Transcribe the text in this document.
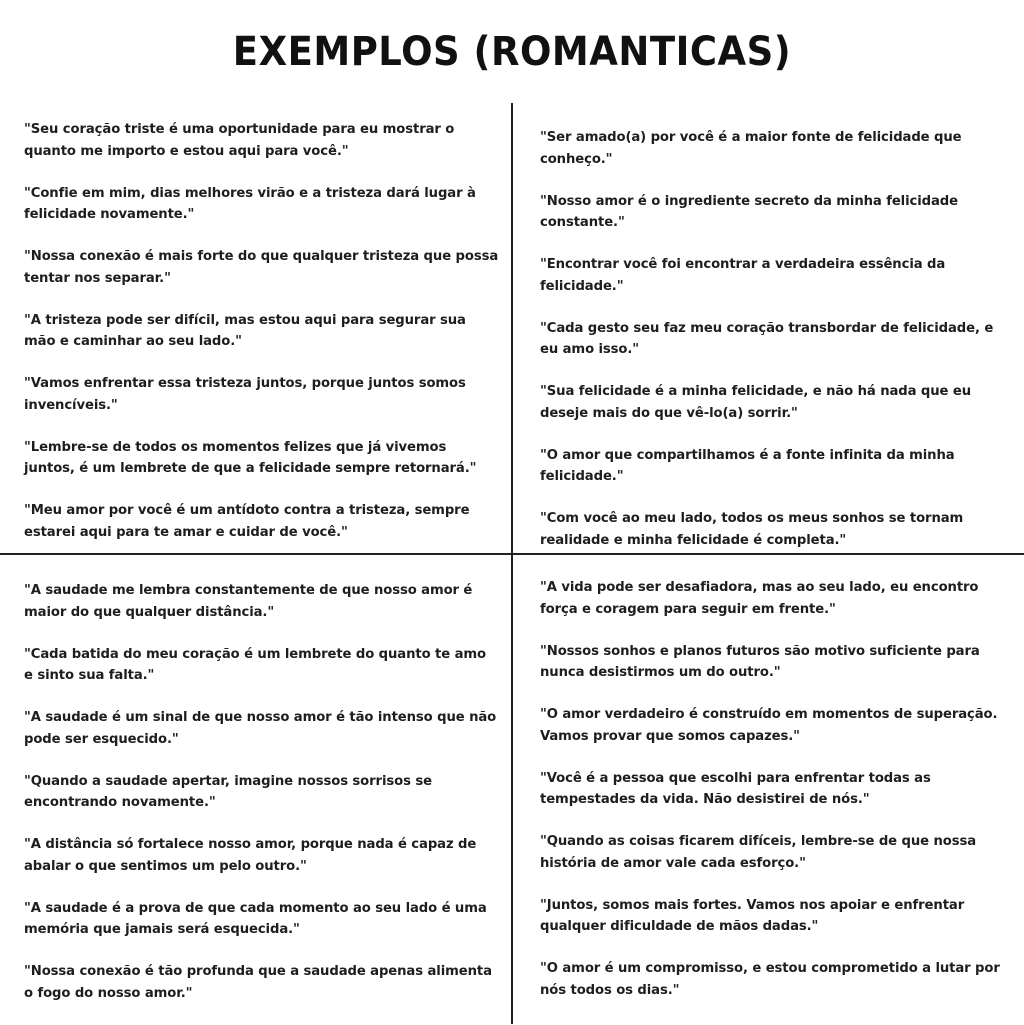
EXEMPLOS (ROMANTICAS)
"Seu coração triste é uma oportunidade para eu mostrar o quanto me importo e estou aqui para você."
"Confie em mim, dias melhores virão e a tristeza dará lugar à felicidade novamente."
"Nossa conexão é mais forte do que qualquer tristeza que possa tentar nos separar."
"A tristeza pode ser difícil, mas estou aqui para segurar sua mão e caminhar ao seu lado."
"Vamos enfrentar essa tristeza juntos, porque juntos somos invencíveis."
"Lembre-se de todos os momentos felizes que já vivemos juntos, é um lembrete de que a felicidade sempre retornará."
"Meu amor por você é um antídoto contra a tristeza, sempre estarei aqui para te amar e cuidar de você."
"Ser amado(a) por você é a maior fonte de felicidade que conheço."
"Nosso amor é o ingrediente secreto da minha felicidade constante."
"Encontrar você foi encontrar a verdadeira essência da felicidade."
"Cada gesto seu faz meu coração transbordar de felicidade, e eu amo isso."
"Sua felicidade é a minha felicidade, e não há nada que eu deseje mais do que vê-lo(a) sorrir."
"O amor que compartilhamos é a fonte infinita da minha felicidade."
"Com você ao meu lado, todos os meus sonhos se tornam realidade e minha felicidade é completa."
"A saudade me lembra constantemente de que nosso amor é maior do que qualquer distância."
"Cada batida do meu coração é um lembrete do quanto te amo e sinto sua falta."
"A saudade é um sinal de que nosso amor é tão intenso que não pode ser esquecido."
"Quando a saudade apertar, imagine nossos sorrisos se encontrando novamente."
"A distância só fortalece nosso amor, porque nada é capaz de abalar o que sentimos um pelo outro."
"A saudade é a prova de que cada momento ao seu lado é uma memória que jamais será esquecida."
"Nossa conexão é tão profunda que a saudade apenas alimenta o fogo do nosso amor."
"A vida pode ser desafiadora, mas ao seu lado, eu encontro força e coragem para seguir em frente."
"Nossos sonhos e planos futuros são motivo suficiente para nunca desistirmos um do outro."
"O amor verdadeiro é construído em momentos de superação. Vamos provar que somos capazes."
"Você é a pessoa que escolhi para enfrentar todas as tempestades da vida. Não desistirei de nós."
"Quando as coisas ficarem difíceis, lembre-se de que nossa história de amor vale cada esforço."
"Juntos, somos mais fortes. Vamos nos apoiar e enfrentar qualquer dificuldade de mãos dadas."
"O amor é um compromisso, e estou comprometido a lutar por nós todos os dias."
